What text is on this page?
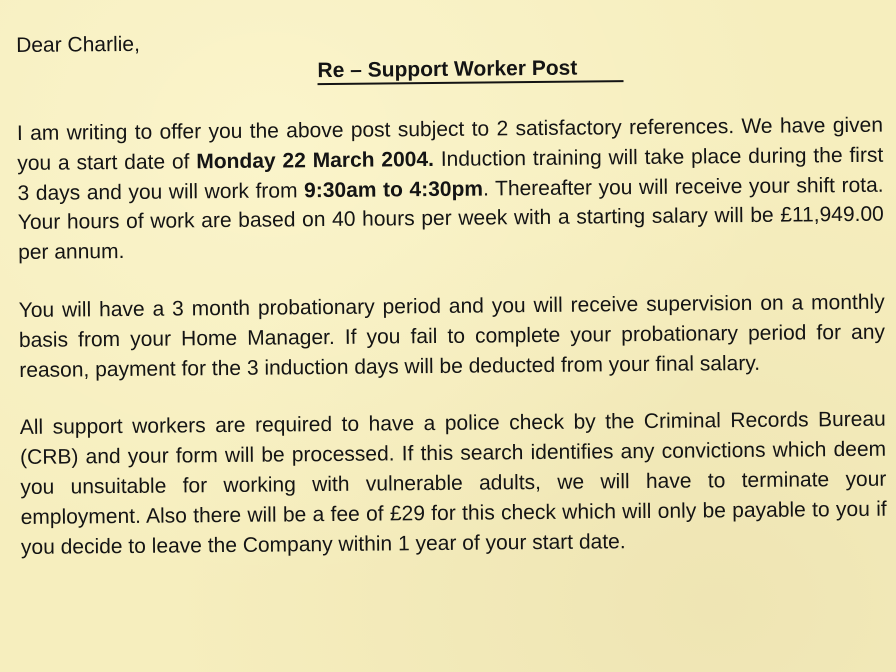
Dear Charlie,

Re – Support Worker Post

I am writing to offer you the above post subject to 2 satisfactory references. We have given you a start date of Monday 22 March 2004. Induction training will take place during the first 3 days and you will work from 9:30am to 4:30pm. Thereafter you will receive your shift rota. Your hours of work are based on 40 hours per week with a starting salary will be £11,949.00 per annum.

You will have a 3 month probationary period and you will receive supervision on a monthly basis from your Home Manager. If you fail to complete your probationary period for any reason, payment for the 3 induction days will be deducted from your final salary.

All support workers are required to have a police check by the Criminal Records Bureau (CRB) and your form will be processed. If this search identifies any convictions which deem you unsuitable for working with vulnerable adults, we will have to terminate your employment. Also there will be a fee of £29 for this check which will only be payable to you if you decide to leave the Company within 1 year of your start date.
